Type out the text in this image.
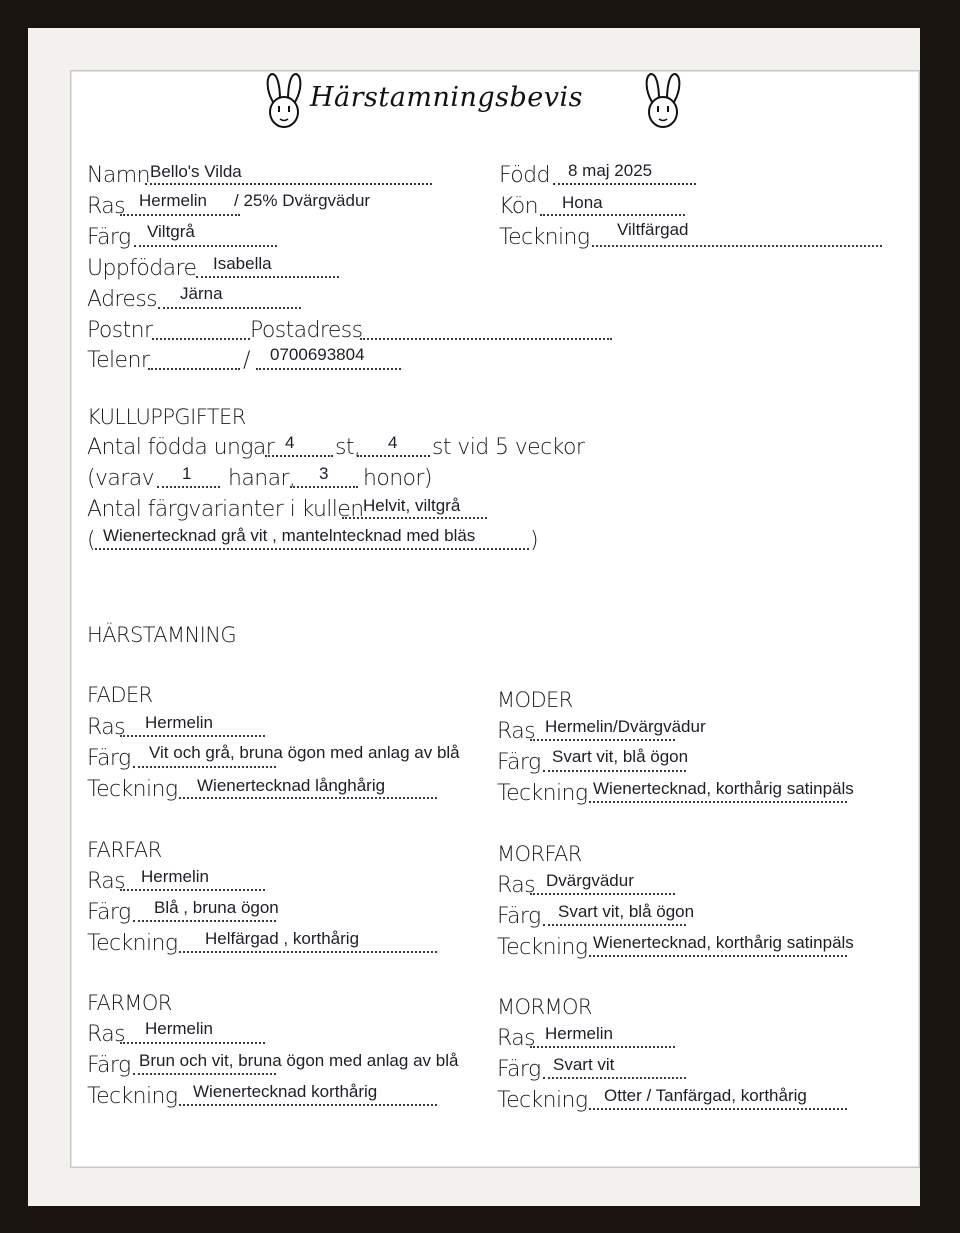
Härstamningsbevis
Namn Bello's Vilda
Ras Hermelin / 25% Dvärgvädur
Färg Viltgrå
Uppfödare Isabella
Adress Järna
Postnr	Postadress
Telenr	/ 0700693804
Född 8 maj 2025
Kön Hona
Teckning Viltfärgad
KULLUPPGIFTER
Antal födda ungar 4 st, 4 st vid 5 veckor
(varav 1 hanar, 3 honor)
Antal färgvarianter i kullen Helvit, viltgrå
( Wienertecknad grå vit , mantelntecknad med bläs )
HÄRSTAMNING
FADER
Ras Hermelin
Färg Vit och grå, bruna ögon med anlag av blå
Teckning Wienertecknad långhårig
MODER
Ras Hermelin/Dvärgvädur
Färg Svart vit, blå ögon
Teckning Wienertecknad, korthårig satinpäls
FARFAR
Ras Hermelin
Färg Blå , bruna ögon
Teckning Helfärgad , korthårig
MORFAR
Ras Dvärgvädur
Färg Svart vit, blå ögon
Teckning Wienertecknad, korthårig satinpäls
FARMOR
Ras Hermelin
Färg Brun och vit, bruna ögon med anlag av blå
Teckning Wienertecknad korthårig
MORMOR
Ras Hermelin
Färg Svart vit
Teckning Otter / Tanfärgad, korthårig
